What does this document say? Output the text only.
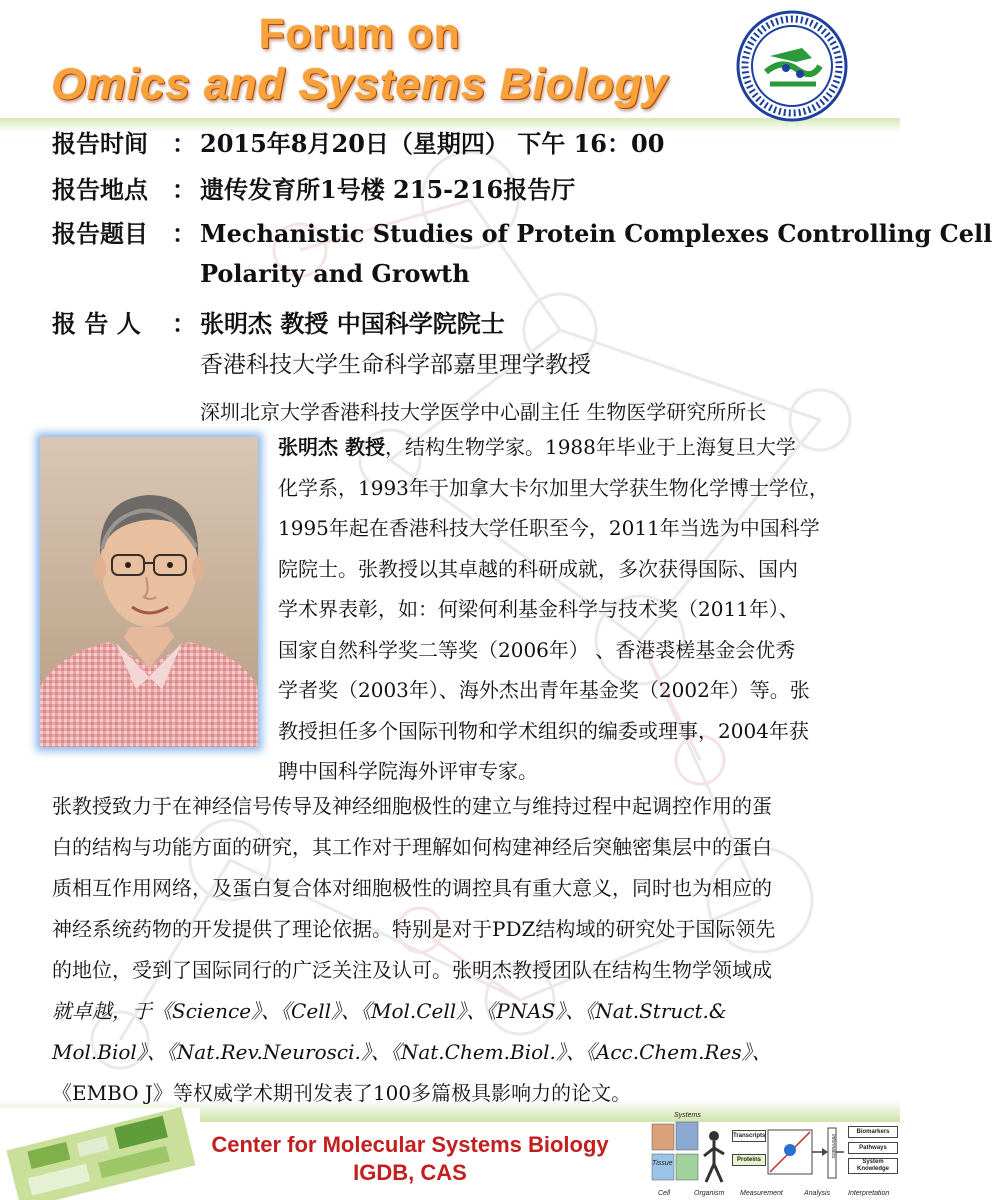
Forum on
Omics and Systems Biology
报告时间 ： 2015年8月20日（星期四） 下午 16：00
报告地点 ： 遗传发育所1号楼 215-216报告厅
报告题目 ： Mechanistic Studies of Protein Complexes Controlling Cell
Polarity and Growth
报 告 人 ： 张明杰 教授 中国科学院院士
香港科技大学生命科学部嘉里理学教授
深圳北京大学香港科技大学医学中心副主任 生物医学研究所所长
张明杰 教授，结构生物学家。1988年毕业于上海复旦大学
化学系，1993年于加拿大卡尔加里大学获生物化学博士学位，
1995年起在香港科技大学任职至今，2011年当选为中国科学
院院士。张教授以其卓越的科研成就，多次获得国际、国内
学术界表彰，如：何梁何利基金科学与技术奖（2011年）、
国家自然科学奖二等奖（2006年） 、香港裘槎基金会优秀
学者奖（2003年）、海外杰出青年基金奖（2002年）等。张
教授担任多个国际刊物和学术组织的编委或理事，2004年获
聘中国科学院海外评审专家。

张教授致力于在神经信号传导及神经细胞极性的建立与维持过程中起调控作用的蛋

白的结构与功能方面的研究，其工作对于理解如何构建神经后突触密集层中的蛋白

质相互作用网络，及蛋白复合体对细胞极性的调控具有重大意义，同时也为相应的

神经系统药物的开发提供了理论依据。特别是对于PDZ结构域的研究处于国际领先

的地位，受到了国际同行的广泛关注及认可。张明杰教授团队在结构生物学领域成

就卓越，于《Science》、《Cell》、《Mol.Cell》、《PNAS》、《Nat.Struct.&

Mol.Biol》、《Nat.Rev.Neurosci.》、《Nat.Chem.Biol.》、《Acc.Chem.Res》、

《EMBO J》等权威学术期刊发表了100多篇极具影响力的论文。

Center for Molecular Systems Biology
IGDB, CAS
Systems
Transcripts
Proteins
Informatics
Biomarkers
Pathways
System Knowledge
Tissue
Cell	Organism Measurement	Analysis	Interpretation
